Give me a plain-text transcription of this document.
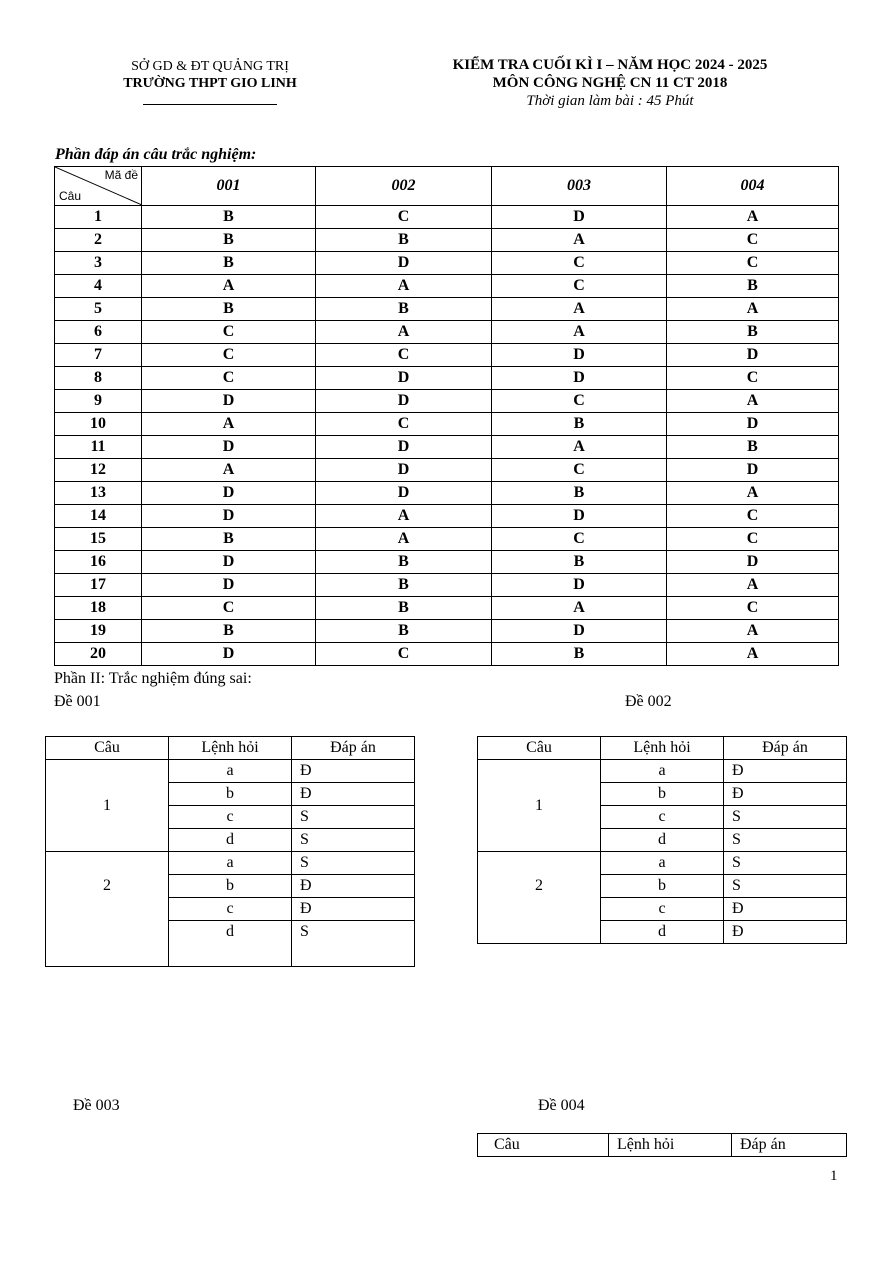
SỞ GD & ĐT QUẢNG TRỊ
TRƯỜNG THPT GIO LINH
KIỂM TRA CUỐI KÌ I – NĂM HỌC 2024 - 2025
MÔN CÔNG NGHỆ CN 11 CT 2018
Thời gian làm bài : 45 Phút
Phần đáp án câu trắc nghiệm:
Mã đề
Câu	001	002	003	004
1	B	C	D	A
2	B	B	A	C
3	B	D	C	C
4	A	A	C	B
5	B	B	A	A
6	C	A	A	B
7	C	C	D	D
8	C	D	D	C
9	D	D	C	A
10	A	C	B	D
11	D	D	A	B
12	A	D	C	D
13	D	D	B	A
14	D	A	D	C
15	B	A	C	C
16	D	B	B	D
17	D	B	D	A
18	C	B	A	C
19	B	B	D	A
20	D	C	B	A
Phần II: Trắc nghiệm đúng sai:
Đề 001	Đề 002
Câu	Lệnh hỏi	Đáp án
1	a	Đ
	b	Đ
	c	S
	d	S
2	a	S
	b	Đ
	c	Đ
	d	S
Câu	Lệnh hỏi	Đáp án
1	a	Đ
	b	Đ
	c	S
	d	S
2	a	S
	b	S
	c	Đ
	d	Đ
Đề 003	Đề 004
Câu	Lệnh hỏi	Đáp án
1
